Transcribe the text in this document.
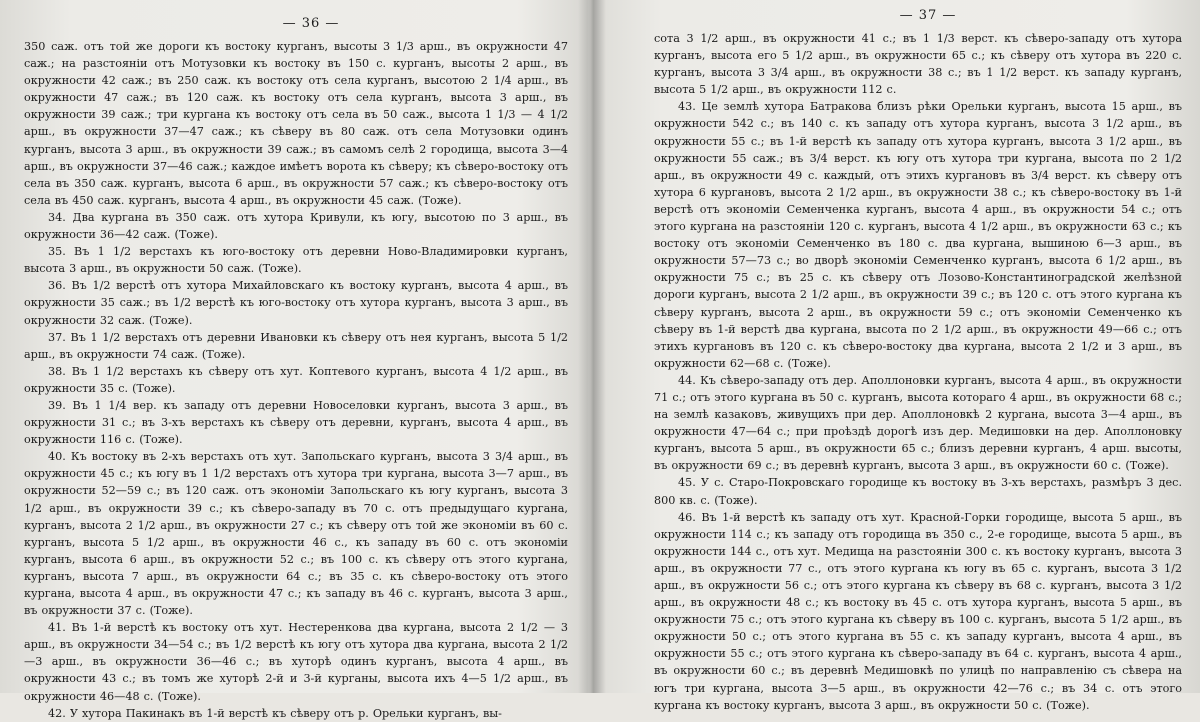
— 36 —

350 саж. отъ той же дороги къ востоку курганъ, высоты 3 1/3 арш., въ окружности 47 саж.; на разстояніи отъ Мотузовки къ востоку въ 150 с. курганъ, высоты 2 арш., въ окружности 42 саж.; въ 250 саж. къ востоку отъ села курганъ, высотою 2 1/4 арш., въ окружности 47 саж.; въ 120 саж. къ востоку отъ села курганъ, высота 3 арш., въ окружности 39 саж.; три кургана къ востоку отъ села въ 50 саж., высота 1 1/3 — 4 1/2 арш., въ окружности 37—47 саж.; къ сѣверу въ 80 саж. отъ села Мотузовки одинъ курганъ, высота 3 арш., въ окружности 39 саж.; въ самомъ селѣ 2 городища, высота 3—4 арш., въ окружности 37—46 саж.; каждое имѣетъ ворота къ сѣверу; къ сѣверо-востоку отъ села въ 350 саж. курганъ, высота 6 арш., въ окружности 57 саж.; къ сѣверо-востоку отъ села въ 450 саж. курганъ, высота 4 арш., въ окружности 45 саж. (Тоже).

34. Два кургана въ 350 саж. отъ хутора Кривули, къ югу, высотою по 3 арш., въ окружности 36—42 саж. (Тоже).

35. Въ 1 1/2 верстахъ къ юго-востоку отъ деревни Ново-Владимировки курганъ, высота 3 арш., въ окружности 50 саж. (Тоже).

36. Въ 1/2 верстѣ отъ хутора Михайловскаго къ востоку курганъ, высота 4 арш., въ окружности 35 саж.; въ 1/2 верстѣ къ юго-востоку отъ хутора курганъ, высота 3 арш., въ окружности 32 саж. (Тоже).

37. Въ 1 1/2 верстахъ отъ деревни Ивановки къ сѣверу отъ нея курганъ, высота 5 1/2 арш., въ окружности 74 саж. (Тоже).

38. Въ 1 1/2 верстахъ къ сѣверу отъ хут. Коптевого курганъ, высота 4 1/2 арш., въ окружности 35 с. (Тоже).

39. Въ 1 1/4 вер. къ западу отъ деревни Новоселовки курганъ, высота 3 арш., въ окружности 31 с.; въ 3-хъ верстахъ къ сѣверу отъ деревни, курганъ, высота 4 арш., въ окружности 116 с. (Тоже).

40. Къ востоку въ 2-хъ верстахъ отъ хут. Запольскаго курганъ, высота 3 3/4 арш., въ окружности 45 с.; къ югу въ 1 1/2 верстахъ отъ хутора три кургана, высота 3—7 арш., въ окружности 52—59 с.; въ 120 саж. отъ экономіи Запольскаго къ югу курганъ, высота 3 1/2 арш., въ окружности 39 с.; къ сѣверо-западу въ 70 с. отъ предыдущаго кургана, курганъ, высота 2 1/2 арш., въ окружности 27 с.; къ сѣверу отъ той же экономіи въ 60 с. курганъ, высота 5 1/2 арш., въ окружности 46 с., къ западу въ 60 с. отъ экономіи курганъ, высота 6 арш., въ окружности 52 с.; въ 100 с. къ сѣверу отъ этого кургана, курганъ, высота 7 арш., въ окружности 64 с.; въ 35 с. къ сѣверо-востоку отъ этого кургана, высота 4 арш., въ окружности 47 с.; къ западу въ 46 с. курганъ, высота 3 арш., въ окружности 37 с. (Тоже).

41. Въ 1-й верстѣ къ востоку отъ хут. Нестеренкова два кургана, высота 2 1/2 — 3 арш., въ окружности 34—54 с.; въ 1/2 верстѣ къ югу отъ хутора два кургана, высота 2 1/2 —3 арш., въ окружности 36—46 с.; въ хуторѣ одинъ курганъ, высота 4 арш., въ окружности 43 с.; въ томъ же хуторѣ 2-й и 3-й курганы, высота ихъ 4—5 1/2 арш., въ окружности 46—48 с. (Тоже).

42. У хутора Пакинакъ въ 1-й верстѣ къ сѣверу отъ р. Орельки курганъ, вы-

— 37 —

сота 3 1/2 арш., въ окружности 41 с.; въ 1 1/3 верст. къ сѣверо-западу отъ хутора курганъ, высота его 5 1/2 арш., въ окружности 65 с.; къ сѣверу отъ хутора въ 220 с. курганъ, высота 3 3/4 арш., въ окружности 38 с.; въ 1 1/2 верст. къ западу курганъ, высота 5 1/2 арш., въ окружности 112 с.

43. Це землѣ хутора Батракова близъ рѣки Орельки курганъ, высота 15 арш., въ окружности 542 с.; въ 140 с. къ западу отъ хутора курганъ, высота 3 1/2 арш., въ окружности 55 с.; въ 1-й верстѣ къ западу отъ хутора курганъ, высота 3 1/2 арш., въ окружности 55 саж.; въ 3/4 верст. къ югу отъ хутора три кургана, высота по 2 1/2 арш., въ окружности 49 с. каждый, отъ этихъ кургановъ въ 3/4 верст. къ сѣверу отъ хутора 6 кургановъ, высота 2 1/2 арш., въ окружности 38 с.; къ сѣверо-востоку въ 1-й верстѣ отъ экономіи Семенченка курганъ, высота 4 арш., въ окружности 54 с.; отъ этого кургана на разстояніи 120 с. курганъ, высота 4 1/2 арш., въ окружности 63 с.; къ востоку отъ экономіи Семенченко въ 180 с. два кургана, вышиною 6—3 арш., въ окружности 57—73 с.; во дворѣ экономіи Семенченко курганъ, высота 6 1/2 арш., въ окружности 75 с.; въ 25 с. къ сѣверу отъ Лозово-Константиноградской желѣзной дороги курганъ, высота 2 1/2 арш., въ окружности 39 с.; въ 120 с. отъ этого кургана къ сѣверу курганъ, высота 2 арш., въ окружности 59 с.; отъ экономіи Семенченко къ сѣверу въ 1-й верстѣ два кургана, высота по 2 1/2 арш., въ окружности 49—66 с.; отъ этихъ кургановъ въ 120 с. къ сѣверо-востоку два кургана, высота 2 1/2 и 3 арш., въ окружности 62—68 с. (Тоже).

44. Къ сѣверо-западу отъ дер. Аполлоновки курганъ, высота 4 арш., въ окружности 71 с.; отъ этого кургана въ 50 с. курганъ, высота котораго 4 арш., въ окружности 68 с.; на землѣ казаковъ, живущихъ при дер. Аполлоновкѣ 2 кургана, высота 3—4 арш., въ окружности 47—64 с.; при проѣздѣ дорогѣ изъ дер. Медишовки на дер. Аполлоновку курганъ, высота 5 арш., въ окружности 65 с.; близъ деревни курганъ, 4 арш. высоты, въ окружности 69 с.; въ деревнѣ курганъ, высота 3 арш., въ окружности 60 с. (Тоже).

45. У с. Старо-Покровскаго городище къ востоку въ 3-хъ верстахъ, размѣръ 3 дес. 800 кв. с. (Тоже).

46. Въ 1-й верстѣ къ западу отъ хут. Красной-Горки городище, высота 5 арш., въ окружности 114 с.; къ западу отъ городища въ 350 с., 2-е городище, высота 5 арш., въ окружности 144 с., отъ хут. Медища на разстояніи 300 с. къ востоку курганъ, высота 3 арш., въ окружности 77 с., отъ этого кургана къ югу въ 65 с. курганъ, высота 3 1/2 арш., въ окружности 56 с.; отъ этого кургана къ сѣверу въ 68 с. курганъ, высота 3 1/2 арш., въ окружности 48 с.; къ востоку въ 45 с. отъ хутора курганъ, высота 5 арш., въ окружности 75 с.; отъ этого кургана къ сѣверу въ 100 с. курганъ, высота 5 1/2 арш., въ окружности 50 с.; отъ этого кургана въ 55 с. къ западу курганъ, высота 4 арш., въ окружности 55 с.; отъ этого кургана къ сѣверо-западу въ 64 с. курганъ, высота 4 арш., въ окружности 60 с.; въ деревнѣ Медишовкѣ по улицѣ по направленію съ сѣвера на югъ три кургана, высота 3—5 арш., въ окружности 42—76 с.; въ 34 с. отъ этого кургана къ востоку курганъ, высота 3 арш., въ окружности 50 с. (Тоже).
